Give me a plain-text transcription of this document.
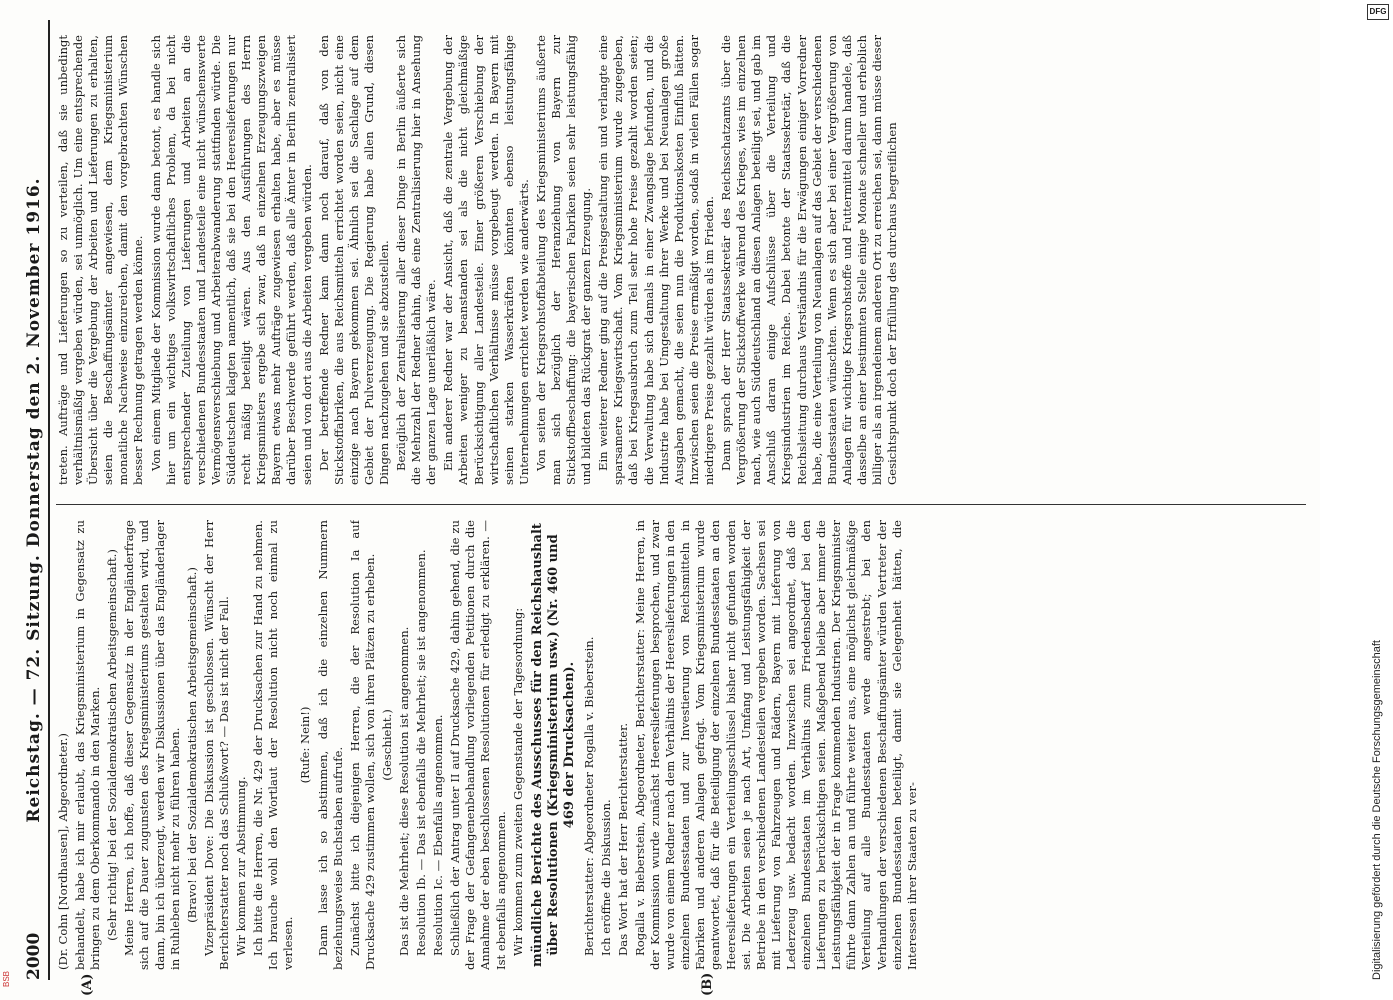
2000
Reichstag. — 72. Sitzung. Donnerstag den 2. November 1916.
(A)	(B)

(Dr. Cohn [Nordhausen], Abgeordneter.) behandelt, habe ich mir erlaubt, das Kriegsministerium in Gegensatz zu bringen zu dem Oberkommando in den Marken. (Sehr richtig! bei der Sozialdemokratischen Arbeitsgemeinschaft.) Meine Herren, ich hoffe, daß dieser Gegensatz in der Engländerfrage sich auf die Dauer zugunsten des Kriegsministeriums gestalten wird, und dann, bin ich überzeugt, werden wir Diskussionen über das Engländerlager in Ruhleben nicht mehr zu führen haben. (Bravo! bei der Sozialdemokratischen Arbeitsgemeinschaft.) Vizepräsident Dove: Die Diskussion ist geschlossen. Wünscht der Herr Berichterstatter noch das Schlußwort? — Das ist nicht der Fall. Wir kommen zur Abstimmung. Ich bitte die Herren, die Nr. 429 der Drucksachen zur Hand zu nehmen. Ich brauche wohl den Wortlaut der Resolution nicht noch einmal zu verlesen.

(Rufe: Nein!) Dann lasse ich so abstimmen, daß ich die einzelnen Nummern beziehungsweise Buchstaben aufrufe. Zunächst bitte ich diejenigen Herren, die der Resolution Ia auf Drucksache 429 zustimmen wollen, sich von ihren Plätzen zu erheben. (Geschieht.) Das ist die Mehrheit; diese Resolution ist angenommen. Resolution Ib. — Das ist ebenfalls die Mehrheit; sie ist angenommen. Resolution Ic. — Ebenfalls angenommen. Schließlich der Antrag unter II auf Drucksache 429, dahin gehend, die zu der Frage der Gefangenenbehandlung vorliegenden Petitionen durch die Annahme der eben beschlossenen Resolutionen für erledigt zu erklären. — Ist ebenfalls angenommen. Wir kommen zum zweiten Gegenstande der Tagesordnung: mündliche Berichte des Ausschusses für den Reichshaushalt über Resolutionen (Kriegsministerium usw.) (Nr. 460 und 469 der Drucksachen). Berichterstatter: Abgeordneter Rogalla v. Bieberstein. Ich eröffne die Diskussion. Das Wort hat der Herr Berichterstatter. Rogalla v. Bieberstein, Abgeordneter, Berichterstatter: Meine Herren, in der Kommission wurde zunächst Heereslieferungen besprochen, und zwar wurde von einem Redner nach dem Verhältnis der Heereslieferungen in den einzelnen Bundesstaaten und zur Investierung von Reichsmitteln in Fabriken und anderen Anlagen gefragt. Vom Kriegsministerium wurde geantwortet, daß für die Beteiligung der einzelnen Bundesstaaten an den Heereslieferungen ein Verteilungsschlüssel bisher nicht gefunden worden sei. Die Arbeiten seien je nach Art, Umfang und Leistungsfähigkeit der Betriebe in den verschiedenen Landesteilen vergeben worden. Sachsen sei mit Lieferung von Fahrzeugen und Rädern, Bayern mit Lieferung von Lederzeug usw. bedacht worden. Inzwischen sei angeordnet, daß die einzelnen Bundesstaaten im Verhältnis zum Friedensbedarf bei den Lieferungen zu berücksichtigen seien. Maßgebend bleibe aber immer die Leistungsfähigkeit der in Frage kommenden Industrien. Der Kriegsminister führte dann Zahlen an und führte weiter aus, eine möglichst gleichmäßige Verteilung auf alle Bundesstaaten werde angestrebt; bei den Verhandlungen der verschiedenen Beschaffungsämter würden Vertreter der einzelnen Bundesstaaten beteiligt, damit sie Gelegenheit hätten, die Interessen ihrer Staaten zu ver-

treten. Aufträge und Lieferungen so zu verteilen, daß sie unbedingt verhältnismäßig vergeben würden, sei unmöglich. Um eine entsprechende Übersicht über die Vergebung der Arbeiten und Lieferungen zu erhalten, seien die Beschaffungsämter angewiesen, dem Kriegsministerium monatliche Nachweise einzureichen, damit den vorgebrachten Wünschen besser Rechnung getragen werden könne. Von einem Mitgliede der Kommission wurde dann betont, es handle sich hier um ein wichtiges volkswirtschaftliches Problem, da bei nicht entsprechender Zuteilung von Lieferungen und Arbeiten an die verschiedenen Bundesstaaten und Landesteile eine nicht wünschenswerte Vermögensverschiebung und Arbeiterabwanderung stattfinden würde. Die Süddeutschen klagten namentlich, daß sie bei den Heereslieferungen nur recht mäßig beteiligt wären. Aus den Ausführungen des Herrn Kriegsministers ergebe sich zwar, daß in einzelnen Erzeugungszweigen Bayern etwas mehr Aufträge zugewiesen erhalten habe, aber es müsse darüber Beschwerde geführt werden, daß alle Ämter in Berlin zentralisiert seien und von dort aus die Arbeiten vergeben würden. Der betreffende Redner kam dann noch darauf, daß von den Stickstoffabriken, die aus Reichsmitteln errichtet worden seien, nicht eine einzige nach Bayern gekommen sei. Ähnlich sei die Sachlage auf dem Gebiet der Pulvererzeugung. Die Regierung habe allen Grund, diesen Dingen nachzugehen und sie abzustellen. Bezüglich der Zentralisierung aller dieser Dinge in Berlin äußerte sich die Mehrzahl der Redner dahin, daß eine Zentralisierung hier in Ansehung der ganzen Lage unerläßlich wäre. Ein anderer Redner war der Ansicht, daß die zentrale Vergebung der Arbeiten weniger zu beanstanden sei als die nicht gleichmäßige Berücksichtigung aller Landesteile. Einer größeren Verschiebung der wirtschaftlichen Verhältnisse müsse vorgebeugt werden. In Bayern mit seinen starken Wasserkräften könnten ebenso leistungsfähige Unternehmungen errichtet werden wie anderwärts. Von seiten der Kriegsrohstoffabteilung des Kriegsministeriums äußerte man sich bezüglich der Heranziehung von Bayern zur Stickstoffbeschaffung: die bayerischen Fabriken seien sehr leistungsfähig und bildeten das Rückgrat der ganzen Erzeugung. Ein weiterer Redner ging auf die Preisgestaltung ein und verlangte eine sparsamere Kriegswirtschaft. Vom Kriegsministerium wurde zugegeben, daß bei Kriegsausbruch zum Teil sehr hohe Preise gezahlt worden seien; die Verwaltung habe sich damals in einer Zwangslage befunden, und die Industrie habe bei Umgestaltung ihrer Werke und bei Neuanlagen große Ausgaben gemacht, die seien nun die Produktionskosten Einfluß hätten. Inzwischen seien die Preise ermäßigt worden, sodaß in vielen Fällen sogar niedrigere Preise gezahlt würden als im Frieden. Dann sprach der Herr Staatssekretär des Reichsschatzamts über die Vergrößerung der Stickstoffwerke während des Krieges, wies im einzelnen nach, wie auch Süddeutschland an diesen Anlagen beteiligt sei, und gab im Anschluß daran einige Aufschlüsse über die Verteilung und Kriegsindustrien im Reiche. Dabei betonte der Staatssekretär, daß die Reichsleitung durchaus Verständnis für die Erwägungen einiger Vorredner habe, die eine Verteilung von Neuanlagen auf das Gebiet der verschiedenen Bundesstaaten wünschten. Wenn es sich aber bei einer Vergrößerung von Anlagen für wichtige Kriegsrohstoffe und Futtermittel darum handele, daß dasselbe an einer bestimmten Stelle einige Monate schneller und erheblich billiger als an irgendeinem anderen Ort zu erreichen sei, dann müsse dieser Gesichtspunkt doch der Erfüllung des durchaus begreiflichen

Digitalisierung gefördert durch die Deutsche Forschungsgemeinschaft
DFG
BSB
